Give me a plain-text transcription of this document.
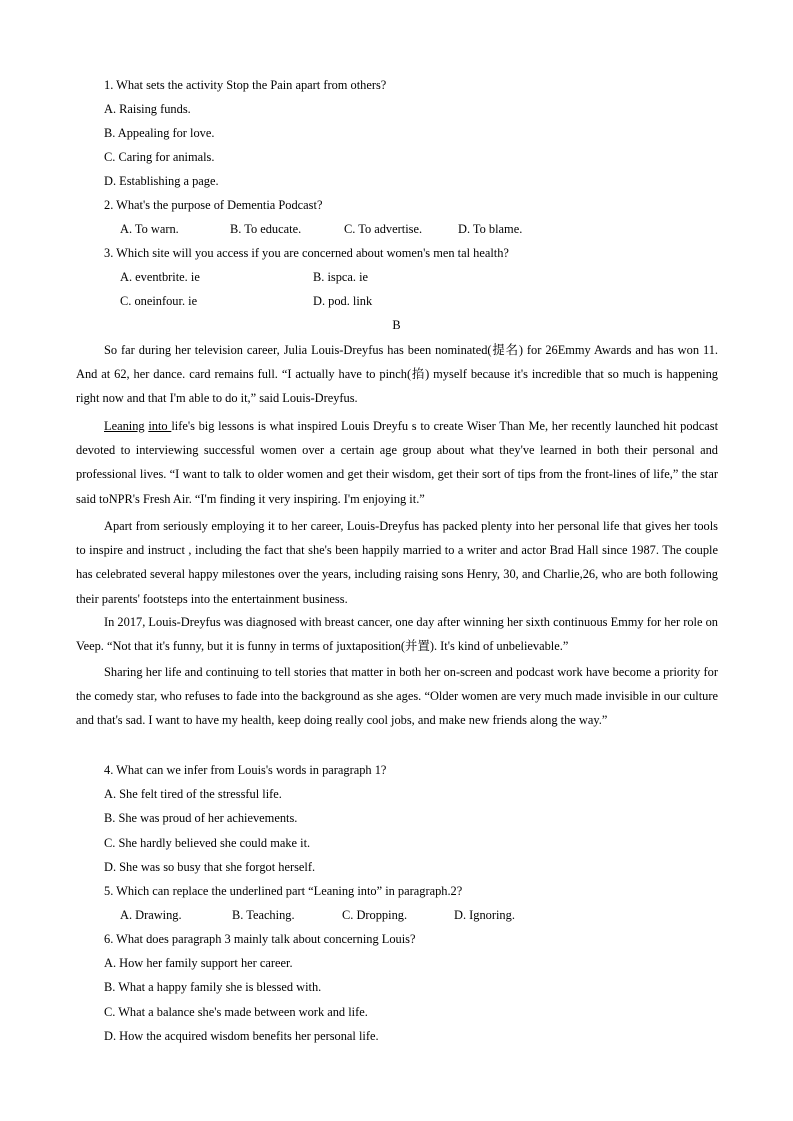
1. What sets the activity Stop the Pain apart from others?
A. Raising funds.
B. Appealing for love.
C. Caring for animals.
D. Establishing a page.
2. What's the purpose of Dementia Podcast?
A. To warn.	B. To educate.	C. To advertise.	D. To blame.
3. Which site will you access if you are concerned about women's men tal health?
A. eventbrite. ie	B. ispca. ie
C. oneinfour. ie	D. pod. link
B

So far during her television career, Julia Louis-Dreyfus has been nominated(提名) for 26Emmy Awards and has won 11. And at 62, her dance. card remains full. “I actually have to pinch(掐) myself because it's incredible that so much is happening right now and that I'm able to do it,” said Louis-Dreyfus.

Leaning into life's big lessons is what inspired Louis Dreyfu s to create Wiser Than Me, her recently launched hit podcast devoted to interviewing successful women over a certain age group about what they've learned in both their personal and professional lives. “I want to talk to older women and get their wisdom, get their sort of tips from the front-lines of life,” the star said toNPR's Fresh Air. “I'm finding it very inspiring. I'm enjoying it.”

Apart from seriously employing it to her career, Louis-Dreyfus has packed plenty into her personal life that gives her tools to inspire and instruct , including the fact that she's been happily married to a writer and actor Brad Hall since 1987. The couple has celebrated several happy milestones over the years, including raising sons Henry, 30, and Charlie,26, who are both following their parents' footsteps into the entertainment business.

In 2017, Louis-Dreyfus was diagnosed with breast cancer, one day after winning her sixth continuous Emmy for her role on Veep. “Not that it's funny, but it is funny in terms of juxtaposition(并置). It's kind of unbelievable.”

Sharing her life and continuing to tell stories that matter in both her on-screen and podcast work have become a priority for the comedy star, who refuses to fade into the background as she ages. “Older women are very much made invisible in our culture and that's sad. I want to have my health, keep doing really cool jobs, and make new friends along the way.”

4. What can we infer from Louis's words in paragraph 1?
A. She felt tired of the stressful life.
B. She was proud of her achievements.
C. She hardly believed she could make it.
D. She was so busy that she forgot herself.
5. Which can replace the underlined part “Leaning into” in paragraph.2?
A. Drawing.	B. Teaching.	C. Dropping.	D. Ignoring.
6. What does paragraph 3 mainly talk about concerning Louis?
A. How her family support her career.
B. What a happy family she is blessed with.
C. What a balance she's made between work and life.
D. How the acquired wisdom benefits her personal life.
